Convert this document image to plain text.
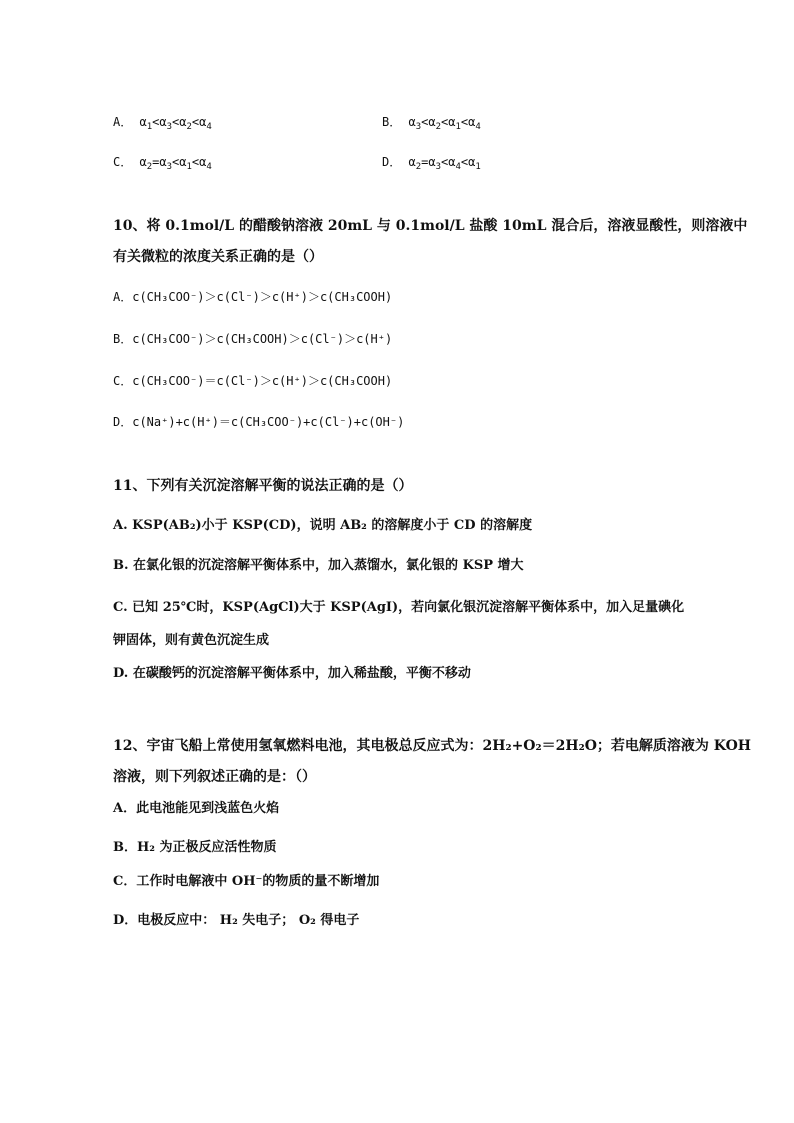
A． $\alpha_1<\alpha_3<\alpha_2<\alpha_4$	B． $\alpha_3<\alpha_2<\alpha_1<\alpha_4$
C． $\alpha_2=\alpha_3<\alpha_1<\alpha_4$	D． $\alpha_2=\alpha_3<\alpha_4<\alpha_1$
10、将 0.1mol/L 的醋酸钠溶液 20mL 与 0.1mol/L 盐酸 10mL 混合后，溶液显酸性，则溶液中
有关微粒的浓度关系正确的是（）
A．c(CH₃COO⁻)＞c(Cl⁻)＞c(H⁺)＞c(CH₃COOH)
B．c(CH₃COO⁻)＞c(CH₃COOH)＞c(Cl⁻)＞c(H⁺)
C．c(CH₃COO⁻)＝c(Cl⁻)＞c(H⁺)＞c(CH₃COOH)
D．c(Na⁺)+c(H⁺)＝c(CH₃COO⁻)+c(Cl⁻)+c(OH⁻)
11、下列有关沉淀溶解平衡的说法正确的是（）
A. KSP(AB₂)小于 KSP(CD)，说明 AB₂ 的溶解度小于 CD 的溶解度
B. 在氯化银的沉淀溶解平衡体系中，加入蒸馏水，氯化银的 KSP 增大
C. 已知 25℃时，KSP(AgCl)大于 KSP(AgI)，若向氯化银沉淀溶解平衡体系中，加入足量碘化
钾固体，则有黄色沉淀生成
D. 在碳酸钙的沉淀溶解平衡体系中，加入稀盐酸，平衡不移动
12、宇宙飞船上常使用氢氧燃料电池，其电极总反应式为：2H₂+O₂＝2H₂O；若电解质溶液为 KOH
溶液，则下列叙述正确的是：（）
A．此电池能见到浅蓝色火焰
B．H₂ 为正极反应活性物质
C．工作时电解液中 OH⁻的物质的量不断增加
D．电极反应中： H₂ 失电子； O₂ 得电子
